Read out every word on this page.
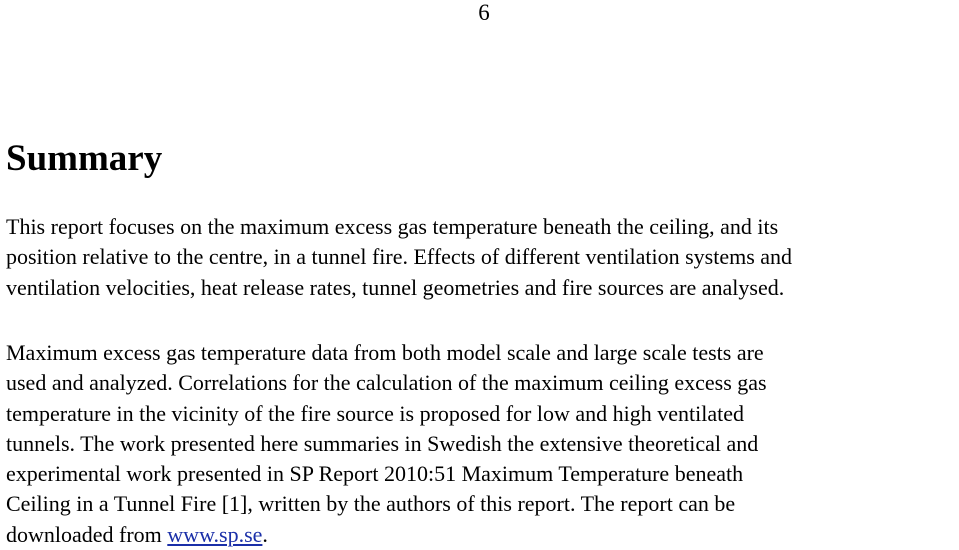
6
Summary

This report focuses on the maximum excess gas temperature beneath the ceiling, and its
position relative to the centre, in a tunnel fire. Effects of different ventilation systems and
ventilation velocities, heat release rates, tunnel geometries and fire sources are analysed.

Maximum excess gas temperature data from both model scale and large scale tests are
used and analyzed. Correlations for the calculation of the maximum ceiling excess gas
temperature in the vicinity of the fire source is proposed for low and high ventilated
tunnels. The work presented here summaries in Swedish the extensive theoretical and
experimental work presented in SP Report 2010:51 Maximum Temperature beneath
Ceiling in a Tunnel Fire [1], written by the authors of this report. The report can be
downloaded from www.sp.se.
